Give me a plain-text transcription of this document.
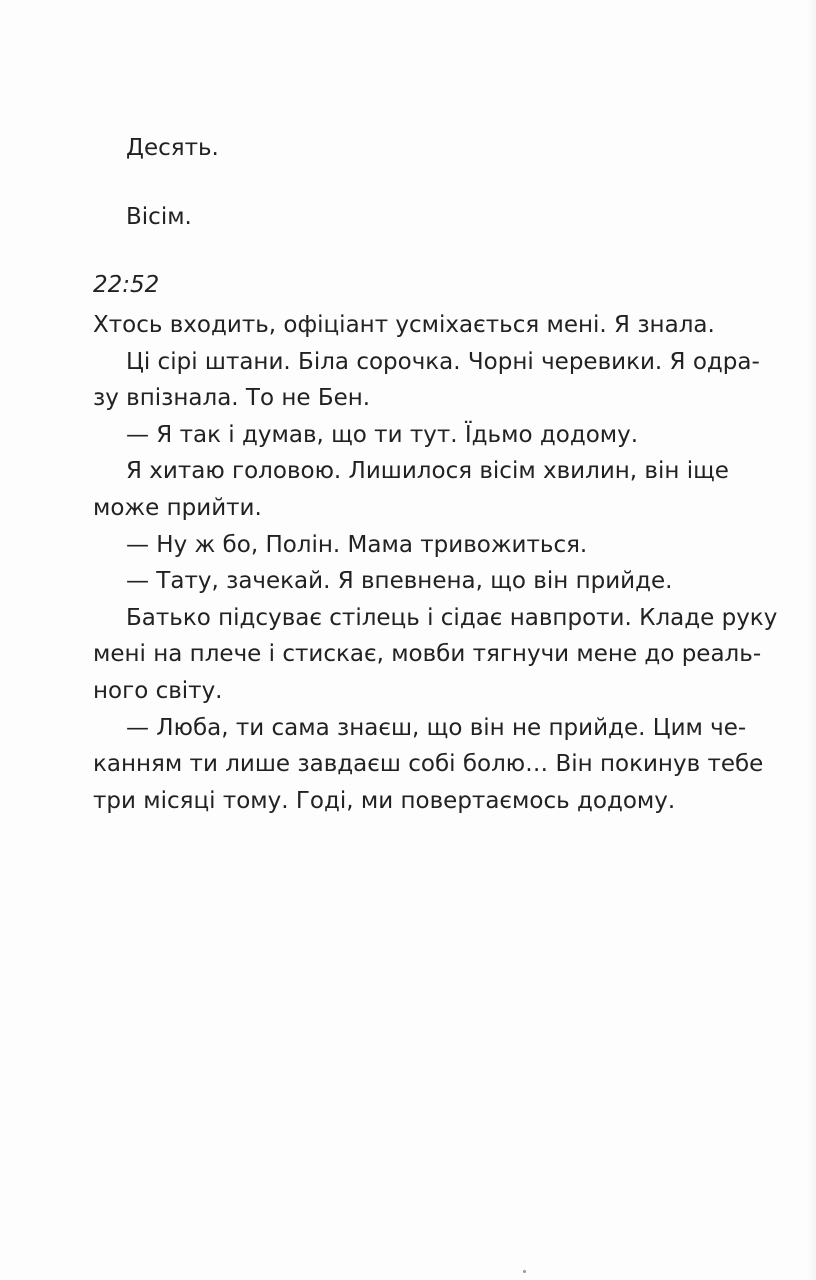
Десять.

Вісім.

22:52

Хтось входить, офіціант усміхається мені. Я знала.

Ці сірі штани. Біла сорочка. Чорні черевики. Я одра-
зу впізнала. То не Бен.

— Я так і думав, що ти тут. Їдьмо додому.

Я хитаю головою. Лишилося вісім хвилин, він іще
може прийти.

— Ну ж бо, Полін. Мама тривожиться.

— Тату, зачекай. Я впевнена, що він прийде.

Батько підсуває стілець і сідає навпроти. Кладе руку
мені на плече і стискає, мовби тягнучи мене до реаль-
ного світу.

— Люба, ти сама знаєш, що він не прийде. Цим че-
канням ти лише завдаєш собі болю… Він покинув тебе
три місяці тому. Годі, ми повертаємось додому.
